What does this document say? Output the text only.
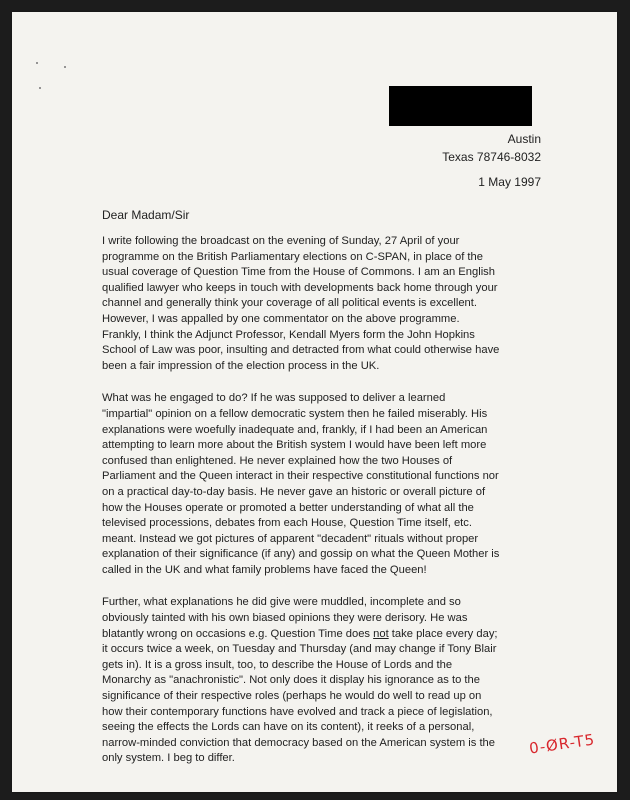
Austin
Texas 78746-8032
1 May 1997
Dear Madam/Sir

I write following the broadcast on the evening of Sunday, 27 April of your
programme on the British Parliamentary elections on C-SPAN, in place of the
usual coverage of Question Time from the House of Commons. I am an English
qualified lawyer who keeps in touch with developments back home through your
channel and generally think your coverage of all political events is excellent.
However, I was appalled by one commentator on the above programme.
Frankly, I think the Adjunct Professor, Kendall Myers form the John Hopkins
School of Law was poor, insulting and detracted from what could otherwise have
been a fair impression of the election process in the UK.

What was he engaged to do? If he was supposed to deliver a learned
"impartial" opinion on a fellow democratic system then he failed miserably. His
explanations were woefully inadequate and, frankly, if I had been an American
attempting to learn more about the British system I would have been left more
confused than enlightened. He never explained how the two Houses of
Parliament and the Queen interact in their respective constitutional functions nor
on a practical day-to-day basis. He never gave an historic or overall picture of
how the Houses operate or promoted a better understanding of what all the
televised processions, debates from each House, Question Time itself, etc.
meant. Instead we got pictures of apparent "decadent" rituals without proper
explanation of their significance (if any) and gossip on what the Queen Mother is
called in the UK and what family problems have faced the Queen!

Further, what explanations he did give were muddled, incomplete and so
obviously tainted with his own biased opinions they were derisory. He was
blatantly wrong on occasions e.g. Question Time does not take place every day;
it occurs twice a week, on Tuesday and Thursday (and may change if Tony Blair
gets in). It is a gross insult, too, to describe the House of Lords and the
Monarchy as "anachronistic". Not only does it display his ignorance as to the
significance of their respective roles (perhaps he would do well to read up on
how their contemporary functions have evolved and track a piece of legislation,
seeing the effects the Lords can have on its content), it reeks of a personal,
narrow-minded conviction that democracy based on the American system is the
only system. I beg to differ.

0-ØR-T5
